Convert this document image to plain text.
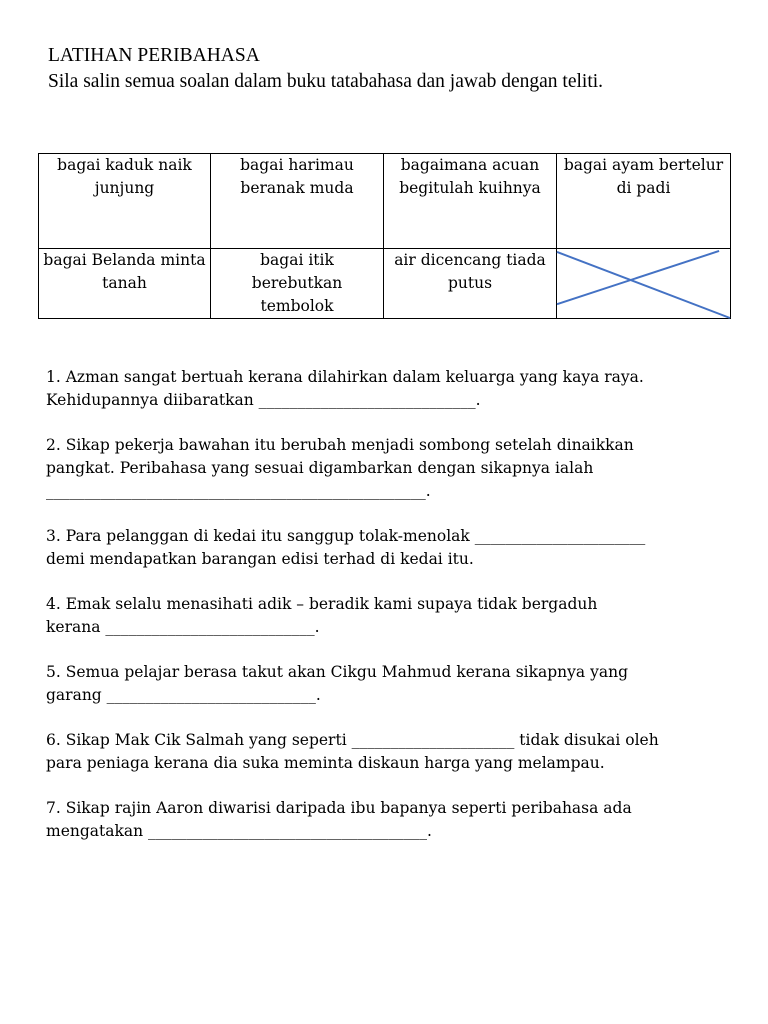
LATIHAN PERIBAHASA
Sila salin semua soalan dalam buku tatabahasa dan jawab dengan teliti.
bagai kaduk naik junjung	bagai harimau beranak muda	bagaimana acuan begitulah kuihnya	bagai ayam bertelur di padi
bagai Belanda minta tanah	bagai itik berebutkan tembolok	air dicencang tiada putus	
1. Azman sangat bertuah kerana dilahirkan dalam keluarga yang kaya raya.
Kehidupannya diibaratkan ____________________________.
2. Sikap pekerja bawahan itu berubah menjadi sombong setelah dinaikkan
pangkat. Peribahasa yang sesuai digambarkan dengan sikapnya ialah
_________________________________________________.
3. Para pelanggan di kedai itu sanggup tolak-menolak ______________________
demi mendapatkan barangan edisi terhad di kedai itu.
4. Emak selalu menasihati adik – beradik kami supaya tidak bergaduh
kerana ___________________________.
5. Semua pelajar berasa takut akan Cikgu Mahmud kerana sikapnya yang
garang ___________________________.
6. Sikap Mak Cik Salmah yang seperti _____________________ tidak disukai oleh
para peniaga kerana dia suka meminta diskaun harga yang melampau.
7. Sikap rajin Aaron diwarisi daripada ibu bapanya seperti peribahasa ada
mengatakan ____________________________________.
